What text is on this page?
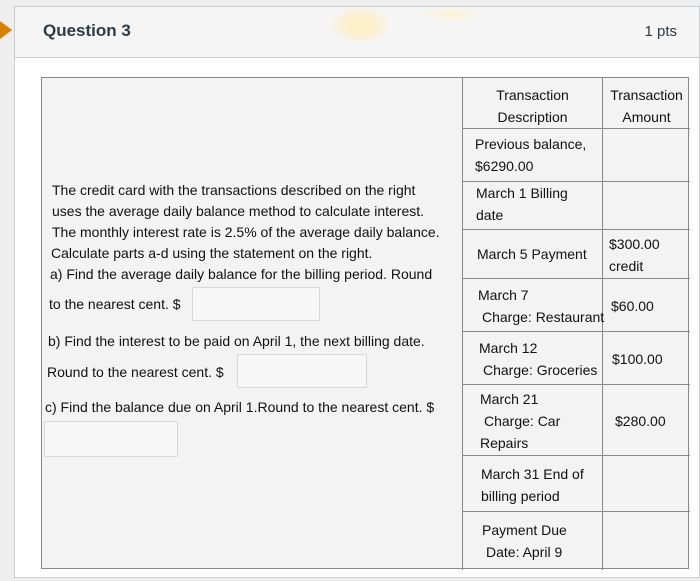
Question 3	1 pts
The credit card with the transactions described on the right
uses the average daily balance method to calculate interest.
The monthly interest rate is 2.5% of the average daily balance.
Calculate parts a-d using the statement on the right.
a) Find the average daily balance for the billing period. Round
to the nearest cent. $
b) Find the interest to be paid on April 1, the next billing date.
Round to the nearest cent. $
c) Find the balance due on April 1.Round to the nearest cent. $
Transaction
Description
Transaction
Amount
Previous balance,
$6290.00
March 1 Billing
date
March 5 Payment
$300.00
credit
March 7
Charge: Restaurant
$60.00
March 12
Charge: Groceries
$100.00
March 21
Charge: Car
Repairs
$280.00
March 31 End of
billing period
Payment Due
Date: April 9
